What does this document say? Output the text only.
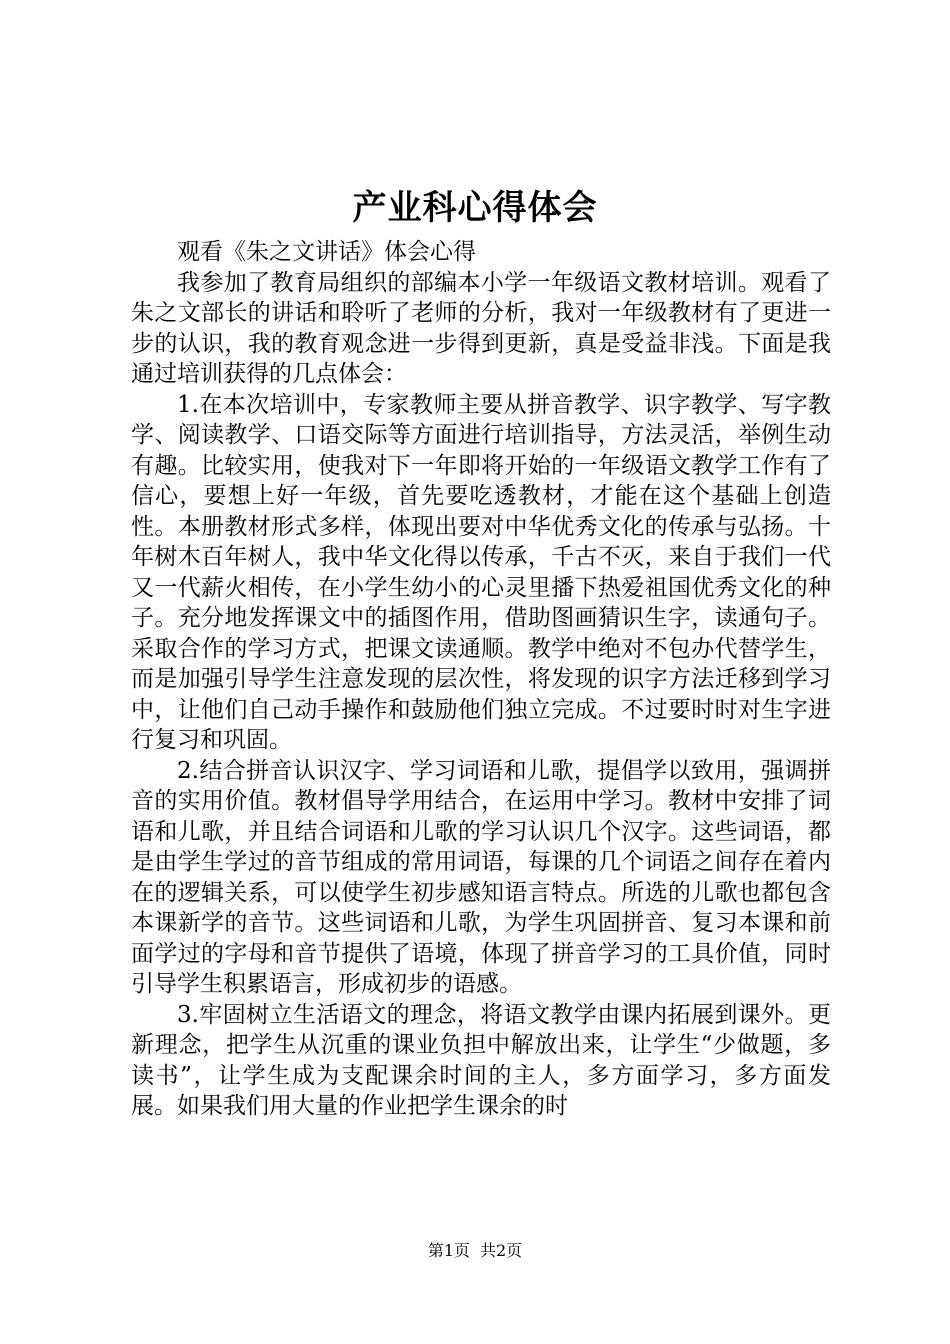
产业科心得体会

观看《朱之文讲话》体会心得

我参加了教育局组织的部编本小学一年级语文教材培训。观看了朱之文部长的讲话和聆听了老师的分析，我对一年级教材有了更进一步的认识，我的教育观念进一步得到更新，真是受益非浅。下面是我通过培训获得的几点体会：

1.在本次培训中，专家教师主要从拼音教学、识字教学、写字教学、阅读教学、口语交际等方面进行培训指导，方法灵活，举例生动有趣。比较实用，使我对下一年即将开始的一年级语文教学工作有了信心，要想上好一年级，首先要吃透教材，才能在这个基础上创造性。本册教材形式多样，体现出要对中华优秀文化的传承与弘扬。十年树木百年树人，我中华文化得以传承，千古不灭，来自于我们一代又一代薪火相传，在小学生幼小的心灵里播下热爱祖国优秀文化的种子。充分地发挥课文中的插图作用，借助图画猜识生字，读通句子。采取合作的学习方式，把课文读通顺。教学中绝对不包办代替学生，而是加强引导学生注意发现的层次性，将发现的识字方法迁移到学习中，让他们自己动手操作和鼓励他们独立完成。不过要时时对生字进行复习和巩固。

2.结合拼音认识汉字、学习词语和儿歌，提倡学以致用，强调拼音的实用价值。教材倡导学用结合，在运用中学习。教材中安排了词语和儿歌，并且结合词语和儿歌的学习认识几个汉字。这些词语，都是由学生学过的音节组成的常用词语，每课的几个词语之间存在着内在的逻辑关系，可以使学生初步感知语言特点。所选的儿歌也都包含本课新学的音节。这些词语和儿歌，为学生巩固拼音、复习本课和前面学过的字母和音节提供了语境，体现了拼音学习的工具价值，同时引导学生积累语言，形成初步的语感。

3.牢固树立生活语文的理念，将语文教学由课内拓展到课外。更新理念，把学生从沉重的课业负担中解放出来，让学生“少做题，多读书”，让学生成为支配课余时间的主人，多方面学习，多方面发展。如果我们用大量的作业把学生课余的时

第1页 共2页
